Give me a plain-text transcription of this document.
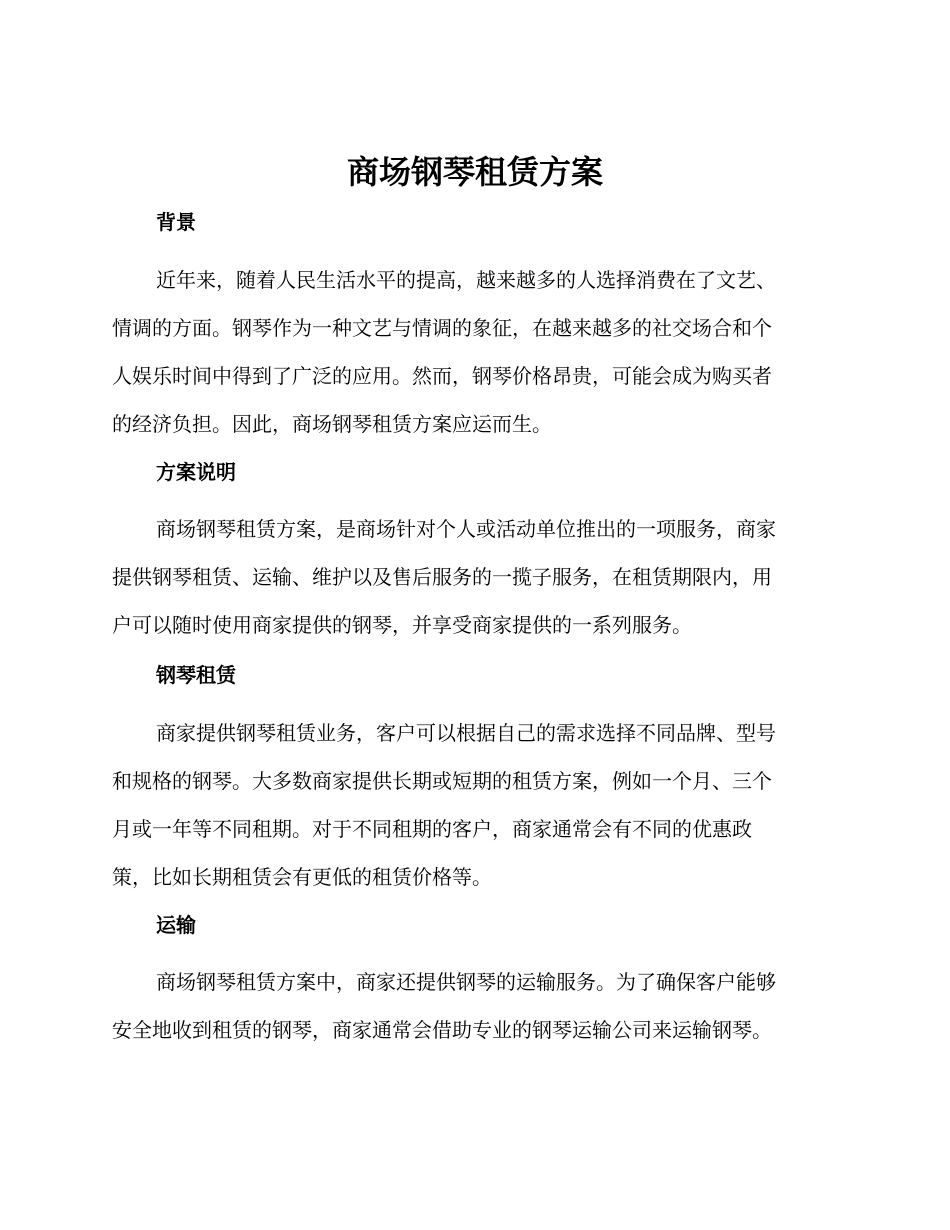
商场钢琴租赁方案
背景
近年来，随着人民生活水平的提高，越来越多的人选择消费在了文艺、
情调的方面。钢琴作为一种文艺与情调的象征，在越来越多的社交场合和个
人娱乐时间中得到了广泛的应用。然而，钢琴价格昂贵，可能会成为购买者
的经济负担。因此，商场钢琴租赁方案应运而生。
方案说明
商场钢琴租赁方案，是商场针对个人或活动单位推出的一项服务，商家
提供钢琴租赁、运输、维护以及售后服务的一揽子服务，在租赁期限内，用
户可以随时使用商家提供的钢琴，并享受商家提供的一系列服务。
钢琴租赁
商家提供钢琴租赁业务，客户可以根据自己的需求选择不同品牌、型号
和规格的钢琴。大多数商家提供长期或短期的租赁方案，例如一个月、三个
月或一年等不同租期。对于不同租期的客户，商家通常会有不同的优惠政
策，比如长期租赁会有更低的租赁价格等。
运输
商场钢琴租赁方案中，商家还提供钢琴的运输服务。为了确保客户能够
安全地收到租赁的钢琴，商家通常会借助专业的钢琴运输公司来运输钢琴。
